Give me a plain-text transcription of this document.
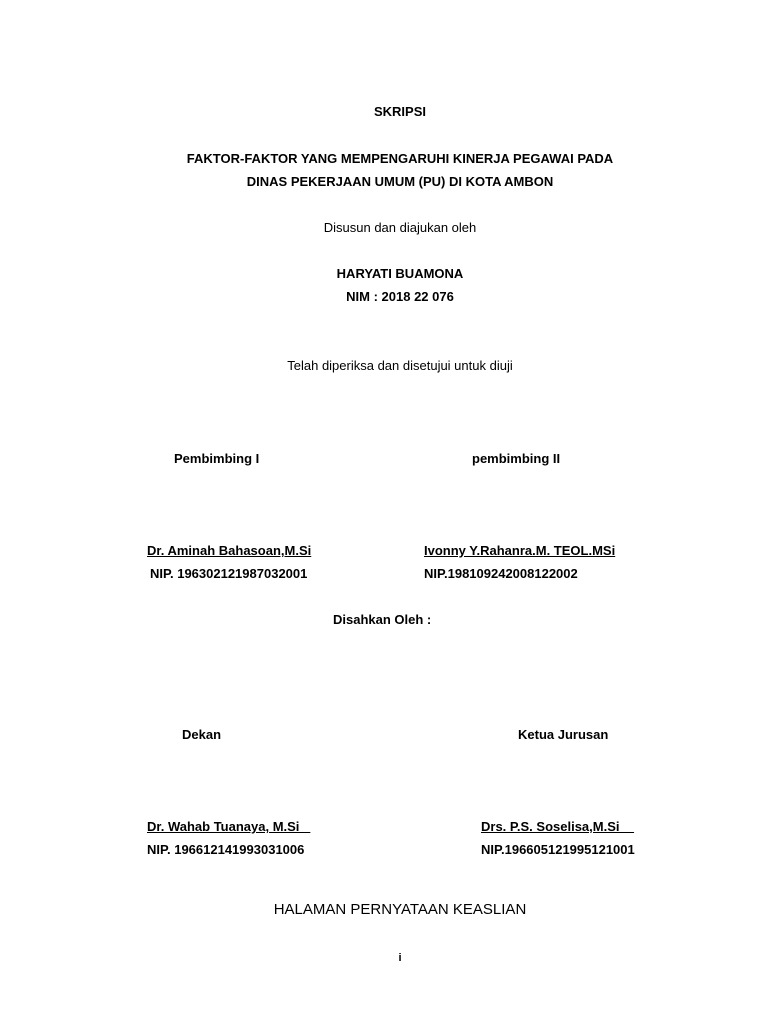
SKRIPSI
FAKTOR-FAKTOR YANG MEMPENGARUHI KINERJA PEGAWAI PADA
DINAS PEKERJAAN UMUM (PU) DI KOTA AMBON
Disusun dan diajukan oleh
HARYATI BUAMONA
NIM : 2018 22 076
Telah diperiksa dan disetujui untuk diuji
Pembimbing I	pembimbing II
Dr. Aminah Bahasoan,M.Si	Ivonny Y.Rahanra.M. TEOL.MSi
NIP. 196302121987032001	NIP.198109242008122002
Disahkan Oleh :
Dekan	Ketua Jurusan
Dr. Wahab Tuanaya, M.Si _	Drs. P.S. Soselisa,M.Si__
NIP. 196612141993031006	NIP.196605121995121001
HALAMAN PERNYATAAN KEASLIAN
i
